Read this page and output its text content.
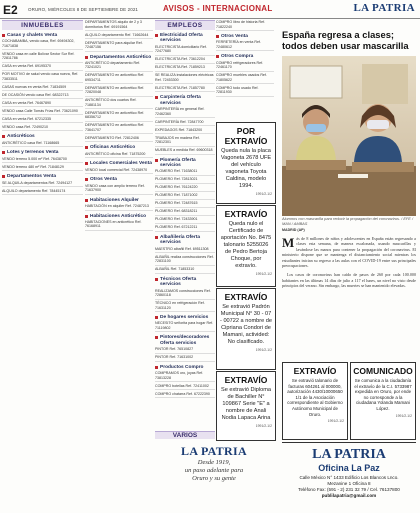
E2 ORURO, MIÉRCOLES 8 DE SEPTIEMBRE DE 2021	AVISOS - INTERNACIONAL	LA PATRIA
INMUEBLES
Casas y chalets Venta
COCHABAMBA, vendo casa, Ref. 69494302, 71671838
VENDO casa en calle Bolívar Sector Sur Ref. 72811786
CASA en venta Ref. 69195370
POR MOTIVO de salud vendo casa nueva, Ref. 73833511
CASAS nuevas en venta Ref. 71834509
DE OCASIÓN vendo casa Ref. 68322713
CASA en venta Ref. 76467890
VENDO casa Calle Tomás Frías Ref. 73621090
CASA en venta Ref. 67212335
VENDO casa Ref. 72490210
Anticréticos
ANTICRÉTICO casa Ref. 71168665
Lotes y terrenos Venta
VENDO terreno 5.000 m² Ref. 76438700
VENDO terreno 480 m² Ref. 71848129
Departamentos Venta
SE ALQUILA departamentos Ref. 72494127
ALQUILO departamento Ref. 78445174
DEPARTAMENTOS alquilo de 2 y 3 dormitorios Ref. 69191564
ALQUILO departamento Ref. 71662644
DEPARTAMENTO para alquilar Ref. 72487156
Departamentos Anticrético
ANTICRÉTICO departamento Ref. 73241021
DEPARTAMENTO en anticrético Ref. 69534711
DEPARTAMENTO en anticrético Ref. 72820048
ANTICRÉTICO dos cuartos Ref. 71881134
DEPARTAMENTO en anticrético Ref. 68356712
DEPARTAMENTO en anticrético Ref. 73641707
DEPARTAMENTO Ref. 72812406
Oficinas Anticrético
ANTICRÉTICO oficina Ref. 71875200
Locales Comerciales Venta
VENDO local comercial Ref. 72438970
Otros Venta
VENDO casa con amplio terreno Ref. 71637900
Habitaciones Alquiler
HABITACIÓN en alquiler Ref. 72487213
Habitaciones Anticrético
HABITACIONES en anticrético Ref. 76168911
EMPLEOS
Electricidad Oferta servicios
ELECTRICISTA domiciliario Ref. 72477680
ELECTRICISTA Ref. 73612204
ELECTRICISTA Ref. 71859213
SE REALIZA instalaciones eléctricas Ref. 72453300
ELECTRICISTA Ref. 71857780
Carpintería Oferta servicios
CARPINTERÍA en general Ref. 72462360
CARPINTERÍA Ref. 72847700
EXPEDAGOS Ref. 71843200
TRABAJOS en madera Ref. 72812301
MUEBLES a medida Ref. 69600318
Plomería Oferta servicios
PLOMERO Ref. 71638011
PLOMERO Ref. 72813021
PLOMERO Ref. 76124220
PLOMERO Ref. 71871002
PLOMERO Ref. 72487615
PLOMERO Ref. 68318211
PLOMERO Ref. 72433901
PLOMERO Ref. 67212211
Albañilería Oferta servicios
MAESTRO albañil Ref. 69511308
ALBAÑIL realiza construcciones Ref. 72831100
ALBAÑIL Ref. 71853310
Técnicos Oferta servicios
REALIZAMOS construcciones Ref. 72860118
TÉCNICO en refrigeración Ref. 71631120
De hogares servicios
NECESITO señorita para hogar Ref. 71119802
Pintores/decoradores Oferta servicios
PINTOR Ref. 76510827
PINTOR Ref. 71631002
Productos Compro
COMPRAMOS oro, joyas Ref. 73813228
COMPRO botellas Ref. 72411002
COMPRO chatarra Ref. 67222390
COMPRO libro de historia Ref. 71822240
Otros Venta
FERRETERÍA en venta Ref. 72480612
Otros Compra
COMPRO refrigeradores Ref. 72461170
COMPRO muebles usados Ref. 71805622
COMPRO todo usado Ref. 72811930
POR EXTRAVÍO
Queda nula la placa Vagoneta 2678 UFE del vehículo vagoneta Toyota Caldina, modelo 1994.
1991/2-1/2
EXTRAVÍO
Queda nulo el Certificado de aportación No. 8475 talonario 5255026 de Pedro Bertoja Choque, por extravío.
1991/2-1/2
EXTRAVÍO
Se extravió Padrón Municipal N° 30 - 07 - 00722 a nombre de Cipriana Condori de Mamani, activided: No clasificado.
1991/2-1/2
EXTRAVÍO
Se extravió Diploma de Bachiller N° 109867 Serie "E" a nombre de Anali Nodia Lapaca Arina
1991/2-1/2
LA PATRIA
Desde 1919,
un paso adelante para
Oruro y su gente
España regresa a clases; todos deben usar mascarilla
Alumnos con mascarilla para reducir la propagación del coronavirus. / EFE / MAN / AMBAS
MADRID (AP)

Más de 8 millones de niños y adolescentes en España están regresando a clases esta semana, de manera escalonada, usando mascarillas y lavándose las manos para contener la propagación del coronavirus. El ministerio dispone que se mantenga el distanciamiento social mientras los estudiantes inician su regreso a las aulas con el COVID-19 entre sus principales preocupaciones.

Los casos de coronavirus han caído de pasos de 260 por cada 100.000 habitantes en las últimas 14 días de julio a 117 el lunes, un nivel no visto desde principios del verano. Sin embargo, las muertes se han mantenido elevadas.

EXTRAVÍO
Se extravió talonario de facturas 604261 al 000000, autorización 4430/10000650 1/1 de la Asociación correspondiente al Gobierno Autónomo Municipal de Oruro.
1991/2-1/2
COMUNICADO
Se comunica a la ciudadanía el extravío de la C.I. 5733987 expedida en Oruro, por ende no corresponde a la ciudadana Yolanda Mamani López.
1991/2-1/2
LA PATRIA
Oficina La Paz
Calle México N° 1433 Edificio Los Blancos Lnco.
Mezanine 1 Oficina 8
Teléfono Fax: (591 - 2) 231 32 79 / Cel. 76137800
publilapatria@gmail.com
VARIOS
